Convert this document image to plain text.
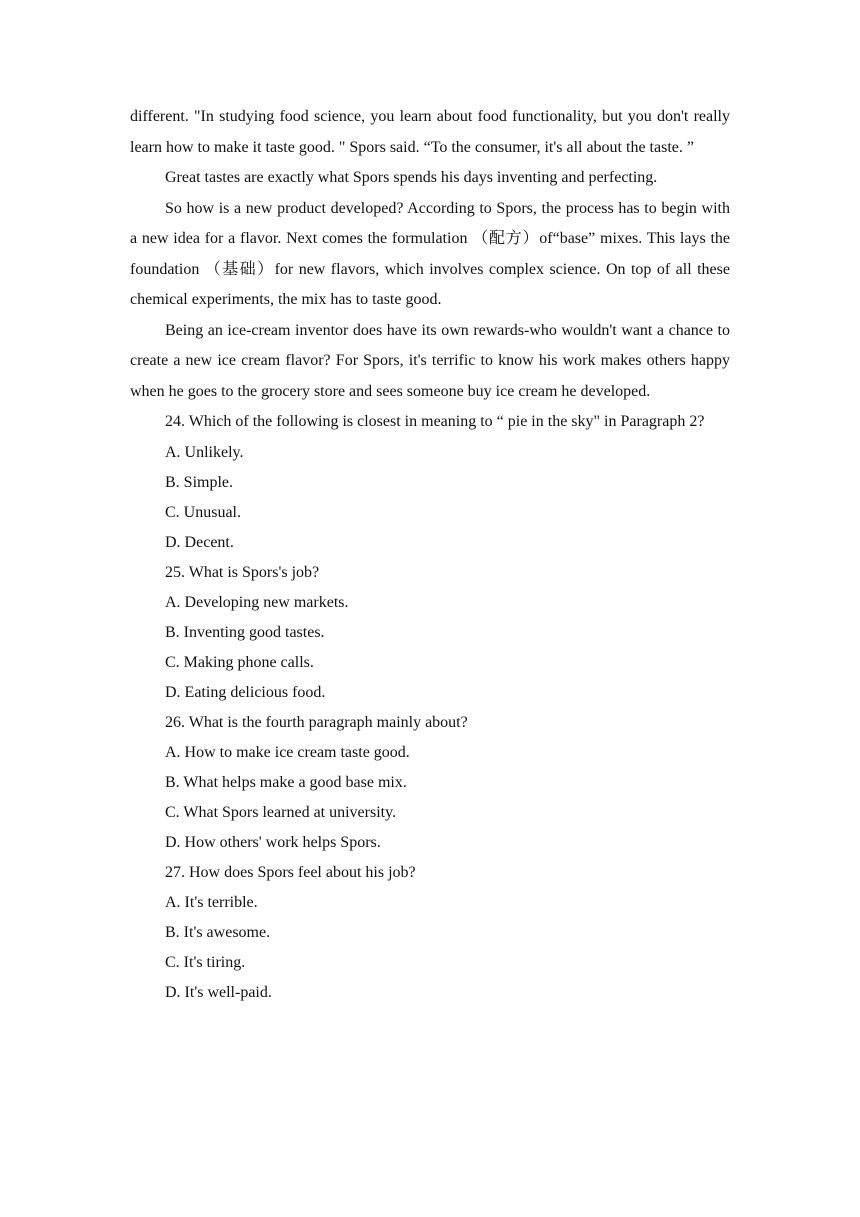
different. "In studying food science, you learn about food functionality, but you don't really learn how to make it taste good. " Spors said. “To the consumer, it's all about the taste. ”

Great tastes are exactly what Spors spends his days inventing and perfecting.

So how is a new product developed? According to Spors, the process has to begin with a new idea for a flavor. Next comes the formulation （配方）of“base” mixes. This lays the foundation （基础）for new flavors, which involves complex science. On top of all these chemical experiments, the mix has to taste good.

Being an ice-cream inventor does have its own rewards-who wouldn't want a chance to create a new ice cream flavor? For Spors, it's terrific to know his work makes others happy when he goes to the grocery store and sees someone buy ice cream he developed.

24. Which of the following is closest in meaning to “ pie in the sky" in Paragraph 2?

A. Unlikely.

B. Simple.

C. Unusual.

D. Decent.

25. What is Spors's job?

A. Developing new markets.

B. Inventing good tastes.

C. Making phone calls.

D. Eating delicious food.

26. What is the fourth paragraph mainly about?

A. How to make ice cream taste good.

B. What helps make a good base mix.

C. What Spors learned at university.

D. How others' work helps Spors.

27. How does Spors feel about his job?

A. It's terrible.

B. It's awesome.

C. It's tiring.

D. It's well-paid.
